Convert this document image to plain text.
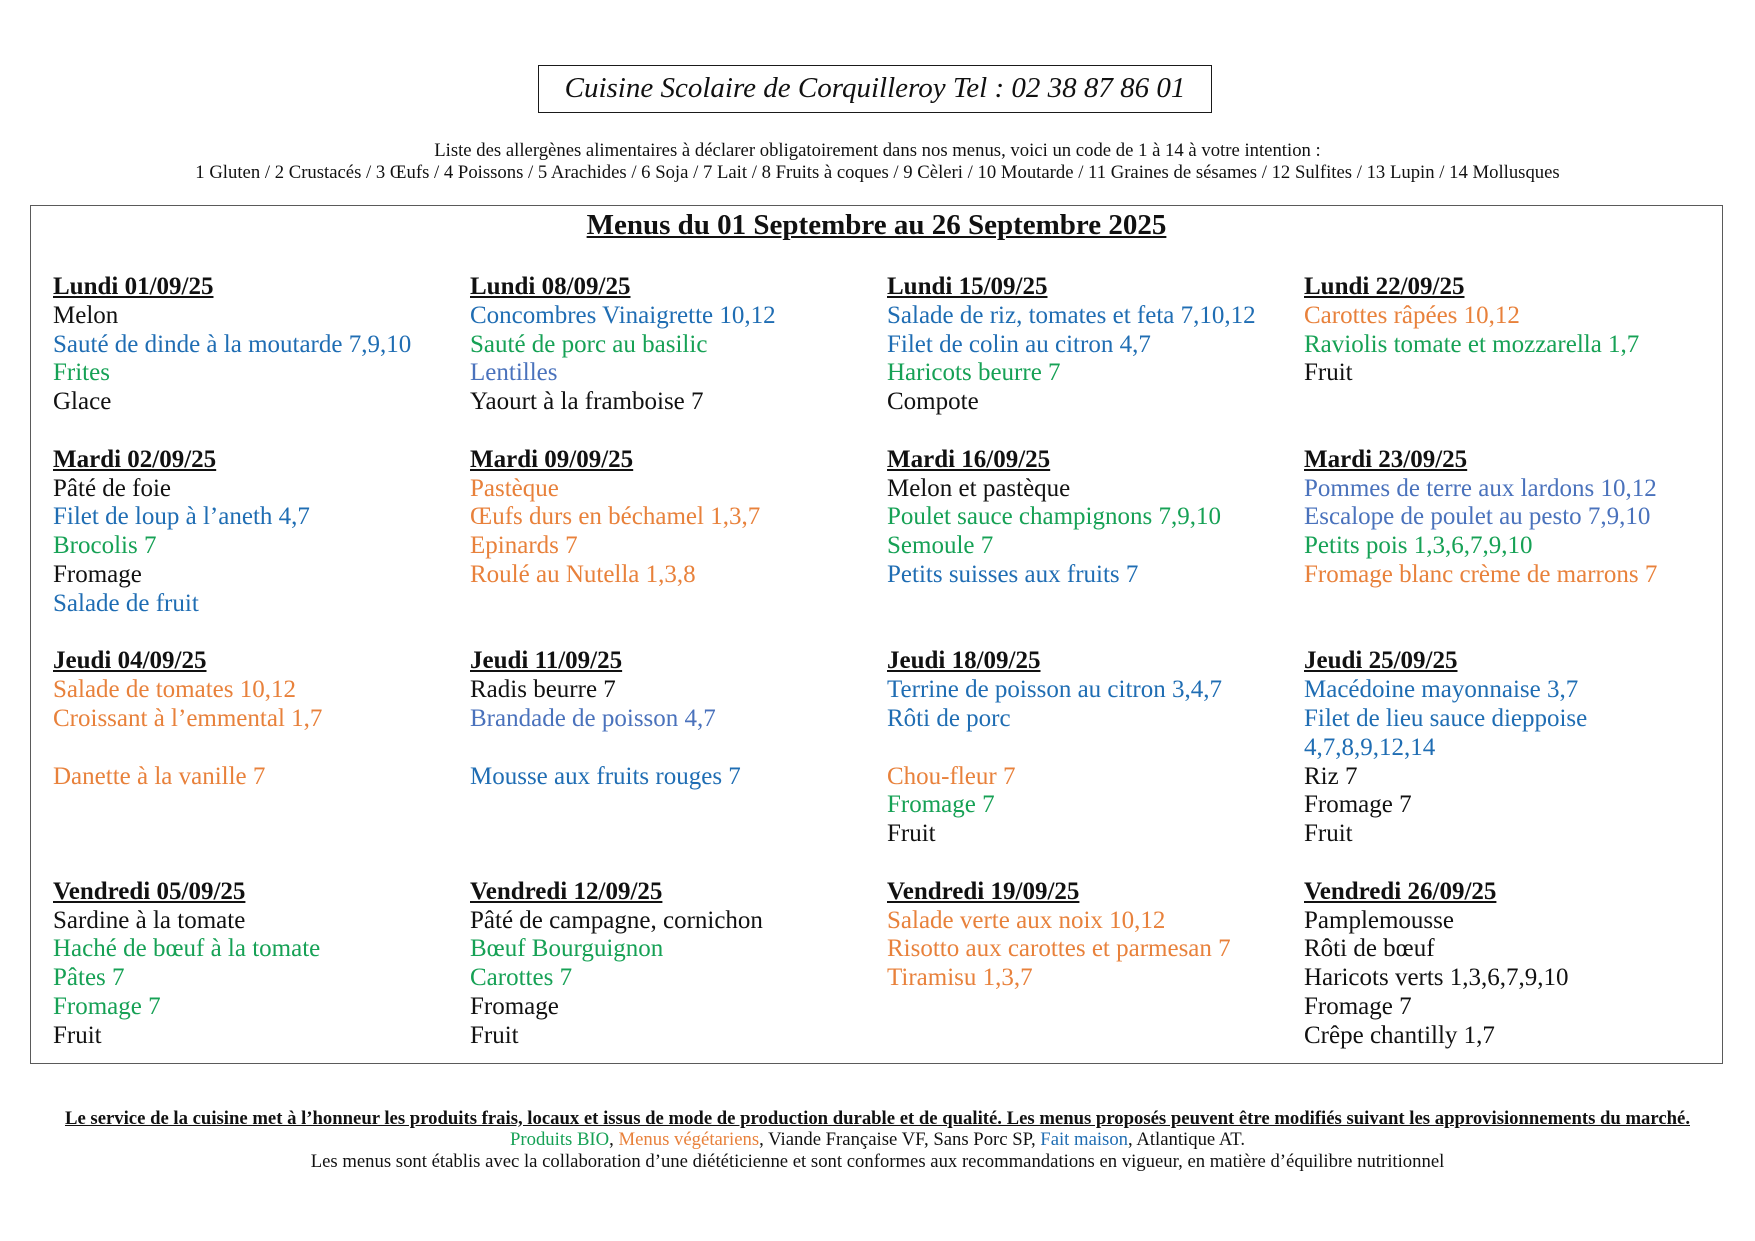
Cuisine Scolaire de Corquilleroy Tel : 02 38 87 86 01
Liste des allergènes alimentaires à déclarer obligatoirement dans nos menus, voici un code de 1 à 14 à votre intention :
1 Gluten / 2 Crustacés / 3 Œufs / 4 Poissons / 5 Arachides / 6 Soja / 7 Lait / 8 Fruits à coques / 9 Cèleri / 10 Moutarde / 11 Graines de sésames / 12 Sulfites / 13 Lupin / 14 Mollusques
Menus du 01 Septembre au 26 Septembre 2025
Lundi 01/09/25
Melon
Sauté de dinde à la moutarde 7,9,10
Frites
Glace
Lundi 08/09/25
Concombres Vinaigrette 10,12
Sauté de porc au basilic
Lentilles
Yaourt à la framboise 7
Lundi 15/09/25
Salade de riz, tomates et feta 7,10,12
Filet de colin au citron 4,7
Haricots beurre 7
Compote
Lundi 22/09/25
Carottes râpées 10,12
Raviolis tomate et mozzarella 1,7
Fruit
Mardi 02/09/25
Pâté de foie
Filet de loup à l’aneth 4,7
Brocolis 7
Fromage
Salade de fruit
Mardi 09/09/25
Pastèque
Œufs durs en béchamel 1,3,7
Epinards 7
Roulé au Nutella 1,3,8
Mardi 16/09/25
Melon et pastèque
Poulet sauce champignons 7,9,10
Semoule 7
Petits suisses aux fruits 7
Mardi 23/09/25
Pommes de terre aux lardons 10,12
Escalope de poulet au pesto 7,9,10
Petits pois 1,3,6,7,9,10
Fromage blanc crème de marrons 7
Jeudi 04/09/25
Salade de tomates 10,12
Croissant à l’emmental 1,7
Danette à la vanille 7
Jeudi 11/09/25
Radis beurre 7
Brandade de poisson 4,7
Mousse aux fruits rouges 7
Jeudi 18/09/25
Terrine de poisson au citron 3,4,7
Rôti de porc
Chou-fleur 7
Fromage 7
Fruit
Jeudi 25/09/25
Macédoine mayonnaise 3,7
Filet de lieu sauce dieppoise 4,7,8,9,12,14
Riz 7
Fromage 7
Fruit
Vendredi 05/09/25
Sardine à la tomate
Haché de bœuf à la tomate
Pâtes 7
Fromage 7
Fruit
Vendredi 12/09/25
Pâté de campagne, cornichon
Bœuf Bourguignon
Carottes 7
Fromage
Fruit
Vendredi 19/09/25
Salade verte aux noix 10,12
Risotto aux carottes et parmesan 7
Tiramisu 1,3,7
Vendredi 26/09/25
Pamplemousse
Rôti de bœuf
Haricots verts 1,3,6,7,9,10
Fromage 7
Crêpe chantilly 1,7
Le service de la cuisine met à l’honneur les produits frais, locaux et issus de mode de production durable et de qualité. Les menus proposés peuvent être modifiés suivant les approvisionnements du marché.
Produits BIO, Menus végétariens, Viande Française VF, Sans Porc SP, Fait maison, Atlantique AT.
Les menus sont établis avec la collaboration d’une diététicienne et sont conformes aux recommandations en vigueur, en matière d’équilibre nutritionnel
